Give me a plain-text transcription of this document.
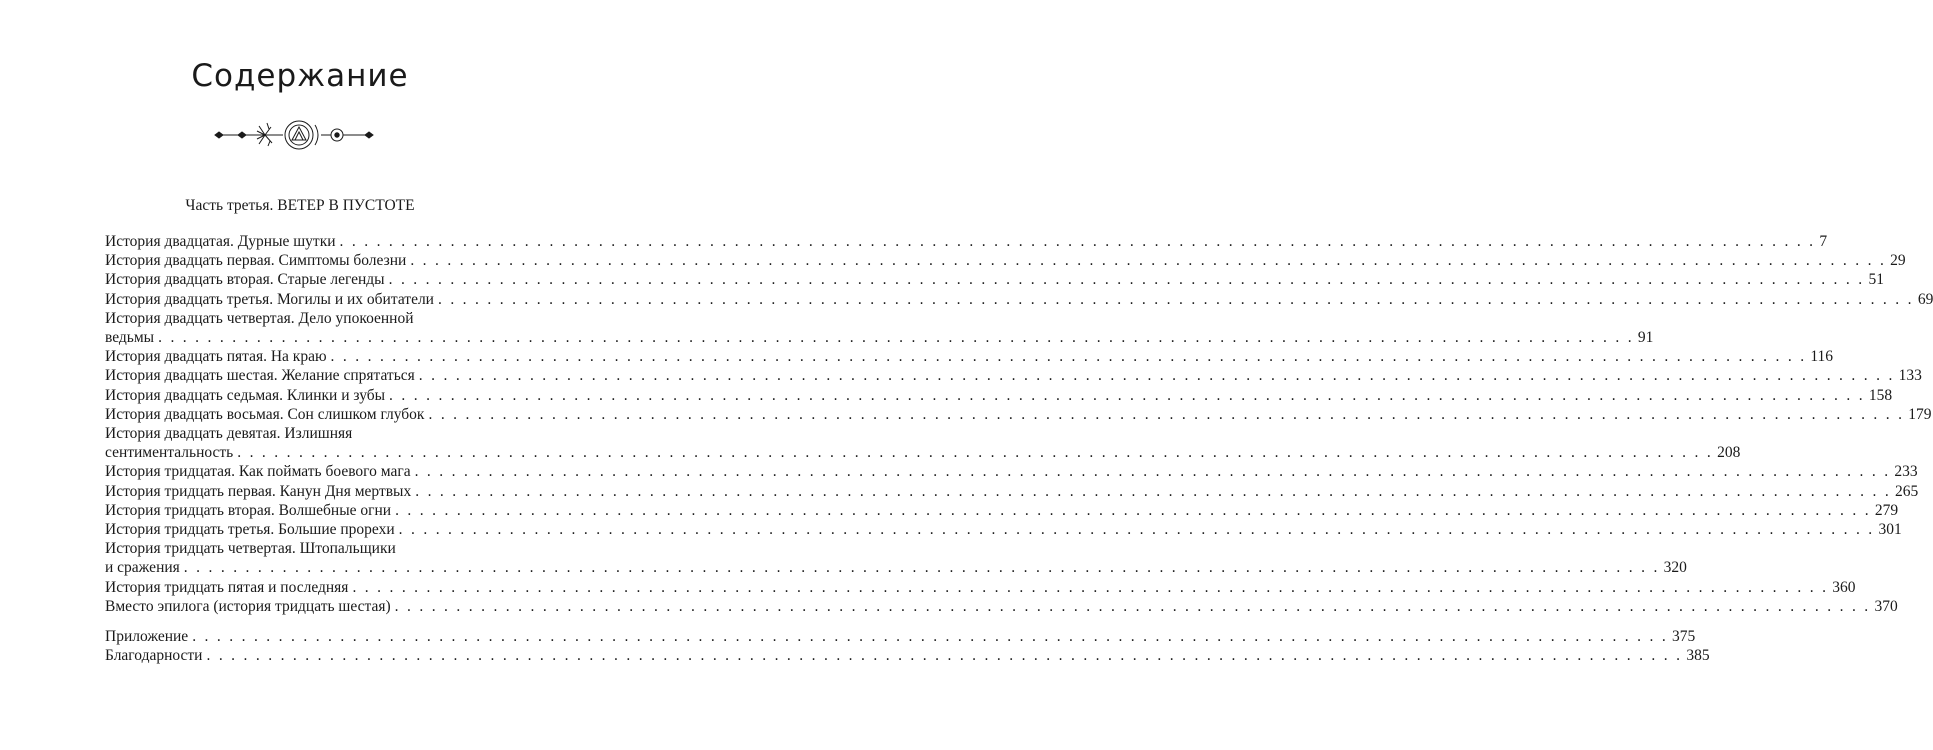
Содержание
Часть третья. ВЕТЕР В ПУСТОТЕ
История двадцатая. Дурные шутки . . . . . . . . . . . . . . . . . . . . . . . . . . . . . . . . . . . . . . . . . . . . . . . . . . . . . . . . . . . . . . . . . . . . . . . . . . . . . . . . . . . . . . . . . . . . . . . . . . . . . . . . . . . . . . . . . . . . . . . . 7
История двадцать первая. Симптомы болезни . . . . . . . . . . . . . . . . . . . . . . . . . . . . . . . . . . . . . . . . . . . . . . . . . . . . . . . . . . . . . . . . . . . . . . . . . . . . . . . . . . . . . . . . . . . . . . . . . . . . . . . . . . . . . . . . . . . . . . . . 29
История двадцать вторая. Старые легенды . . . . . . . . . . . . . . . . . . . . . . . . . . . . . . . . . . . . . . . . . . . . . . . . . . . . . . . . . . . . . . . . . . . . . . . . . . . . . . . . . . . . . . . . . . . . . . . . . . . . . . . . . . . . . . . . . . . . . . . . 51
История двадцать третья. Могилы и их обитатели . . . . . . . . . . . . . . . . . . . . . . . . . . . . . . . . . . . . . . . . . . . . . . . . . . . . . . . . . . . . . . . . . . . . . . . . . . . . . . . . . . . . . . . . . . . . . . . . . . . . . . . . . . . . . . . . . . . . . . . . 69
История двадцать четвертая. Дело упокоенной
ведьмы . . . . . . . . . . . . . . . . . . . . . . . . . . . . . . . . . . . . . . . . . . . . . . . . . . . . . . . . . . . . . . . . . . . . . . . . . . . . . . . . . . . . . . . . . . . . . . . . . . . . . . . . . . . . . . . . . . . . . . . . 91
История двадцать пятая. На краю . . . . . . . . . . . . . . . . . . . . . . . . . . . . . . . . . . . . . . . . . . . . . . . . . . . . . . . . . . . . . . . . . . . . . . . . . . . . . . . . . . . . . . . . . . . . . . . . . . . . . . . . . . . . . . . . . . . . . . . . 116
История двадцать шестая. Желание спрятаться . . . . . . . . . . . . . . . . . . . . . . . . . . . . . . . . . . . . . . . . . . . . . . . . . . . . . . . . . . . . . . . . . . . . . . . . . . . . . . . . . . . . . . . . . . . . . . . . . . . . . . . . . . . . . . . . . . . . . . . . 133
История двадцать седьмая. Клинки и зубы . . . . . . . . . . . . . . . . . . . . . . . . . . . . . . . . . . . . . . . . . . . . . . . . . . . . . . . . . . . . . . . . . . . . . . . . . . . . . . . . . . . . . . . . . . . . . . . . . . . . . . . . . . . . . . . . . . . . . . . . 158
История двадцать восьмая. Сон слишком глубок . . . . . . . . . . . . . . . . . . . . . . . . . . . . . . . . . . . . . . . . . . . . . . . . . . . . . . . . . . . . . . . . . . . . . . . . . . . . . . . . . . . . . . . . . . . . . . . . . . . . . . . . . . . . . . . . . . . . . . . . 179
История двадцать девятая. Излишняя
сентиментальность . . . . . . . . . . . . . . . . . . . . . . . . . . . . . . . . . . . . . . . . . . . . . . . . . . . . . . . . . . . . . . . . . . . . . . . . . . . . . . . . . . . . . . . . . . . . . . . . . . . . . . . . . . . . . . . . . . . . . . . . 208
История тридцатая. Как поймать боевого мага . . . . . . . . . . . . . . . . . . . . . . . . . . . . . . . . . . . . . . . . . . . . . . . . . . . . . . . . . . . . . . . . . . . . . . . . . . . . . . . . . . . . . . . . . . . . . . . . . . . . . . . . . . . . . . . . . . . . . . . . 233
История тридцать первая. Канун Дня мертвых . . . . . . . . . . . . . . . . . . . . . . . . . . . . . . . . . . . . . . . . . . . . . . . . . . . . . . . . . . . . . . . . . . . . . . . . . . . . . . . . . . . . . . . . . . . . . . . . . . . . . . . . . . . . . . . . . . . . . . . . 265
История тридцать вторая. Волшебные огни . . . . . . . . . . . . . . . . . . . . . . . . . . . . . . . . . . . . . . . . . . . . . . . . . . . . . . . . . . . . . . . . . . . . . . . . . . . . . . . . . . . . . . . . . . . . . . . . . . . . . . . . . . . . . . . . . . . . . . . . 279
История тридцать третья. Большие прорехи . . . . . . . . . . . . . . . . . . . . . . . . . . . . . . . . . . . . . . . . . . . . . . . . . . . . . . . . . . . . . . . . . . . . . . . . . . . . . . . . . . . . . . . . . . . . . . . . . . . . . . . . . . . . . . . . . . . . . . . . 301
История тридцать четвертая. Штопальщики
и сражения . . . . . . . . . . . . . . . . . . . . . . . . . . . . . . . . . . . . . . . . . . . . . . . . . . . . . . . . . . . . . . . . . . . . . . . . . . . . . . . . . . . . . . . . . . . . . . . . . . . . . . . . . . . . . . . . . . . . . . . . 320
История тридцать пятая и последняя . . . . . . . . . . . . . . . . . . . . . . . . . . . . . . . . . . . . . . . . . . . . . . . . . . . . . . . . . . . . . . . . . . . . . . . . . . . . . . . . . . . . . . . . . . . . . . . . . . . . . . . . . . . . . . . . . . . . . . . . 360
Вместо эпилога (история тридцать шестая) . . . . . . . . . . . . . . . . . . . . . . . . . . . . . . . . . . . . . . . . . . . . . . . . . . . . . . . . . . . . . . . . . . . . . . . . . . . . . . . . . . . . . . . . . . . . . . . . . . . . . . . . . . . . . . . . . . . . . . . . 370
Приложение . . . . . . . . . . . . . . . . . . . . . . . . . . . . . . . . . . . . . . . . . . . . . . . . . . . . . . . . . . . . . . . . . . . . . . . . . . . . . . . . . . . . . . . . . . . . . . . . . . . . . . . . . . . . . . . . . . . . . . . . 375
Благодарности . . . . . . . . . . . . . . . . . . . . . . . . . . . . . . . . . . . . . . . . . . . . . . . . . . . . . . . . . . . . . . . . . . . . . . . . . . . . . . . . . . . . . . . . . . . . . . . . . . . . . . . . . . . . . . . . . . . . . . . . 385
